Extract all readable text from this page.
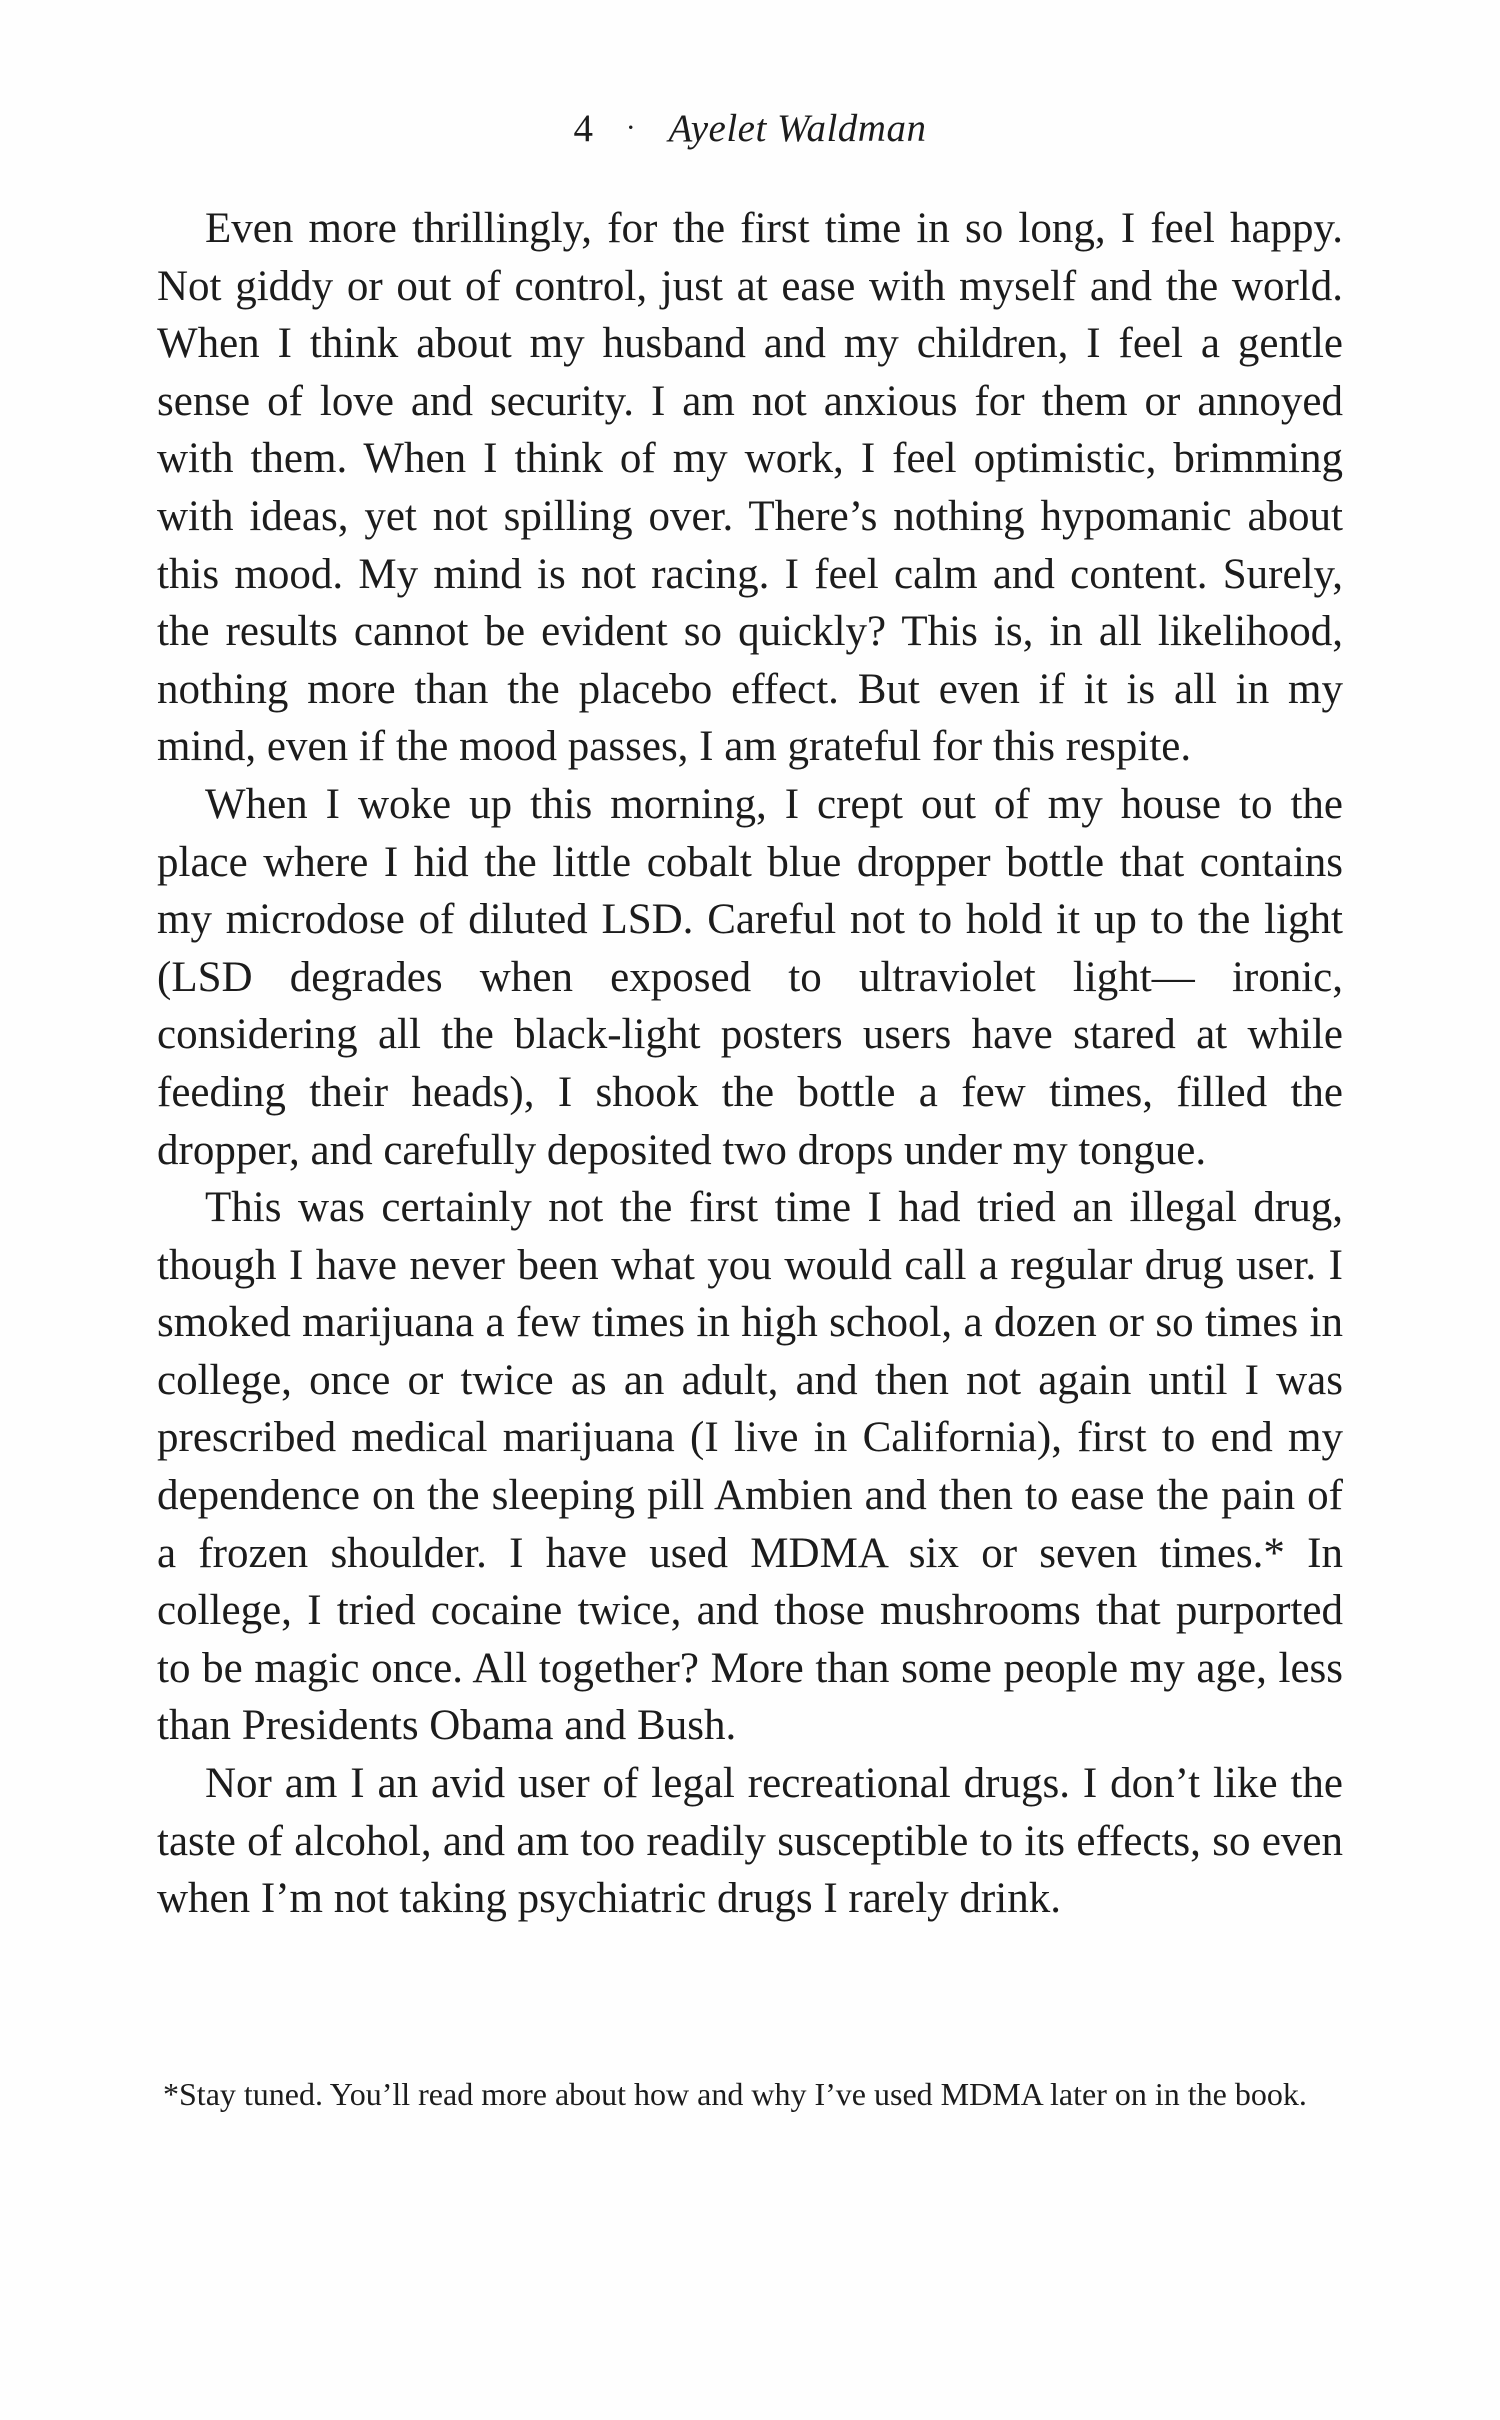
4 · Ayelet Waldman

Even more thrillingly, for the first time in so long, I feel happy. Not giddy or out of control, just at ease with myself and the world. When I think about my husband and my children, I feel a gentle sense of love and security. I am not anxious for them or annoyed with them. When I think of my work, I feel optimistic, brimming with ideas, yet not spilling over. There’s nothing hypomanic about this mood. My mind is not racing. I feel calm and content. Surely, the results cannot be evident so quickly? This is, in all likelihood, nothing more than the placebo effect. But even if it is all in my mind, even if the mood passes, I am grateful for this respite.

When I woke up this morning, I crept out of my house to the place where I hid the little cobalt blue dropper bottle that contains my microdose of diluted LSD. Careful not to hold it up to the light (LSD degrades when exposed to ultraviolet light— ironic, considering all the black-light posters users have stared at while feeding their heads), I shook the bottle a few times, filled the dropper, and carefully deposited two drops under my tongue.

This was certainly not the first time I had tried an illegal drug, though I have never been what you would call a regular drug user. I smoked marijuana a few times in high school, a dozen or so times in college, once or twice as an adult, and then not again until I was prescribed medical marijuana (I live in California), first to end my dependence on the sleeping pill Ambien and then to ease the pain of a frozen shoulder. I have used MDMA six or seven times.* In college, I tried cocaine twice, and those mushrooms that purported to be magic once. All together? More than some people my age, less than Presidents Obama and Bush.

Nor am I an avid user of legal recreational drugs. I don’t like the taste of alcohol, and am too readily susceptible to its effects, so even when I’m not taking psychiatric drugs I rarely drink.

*Stay tuned. You’ll read more about how and why I’ve used MDMA later on in the book.
